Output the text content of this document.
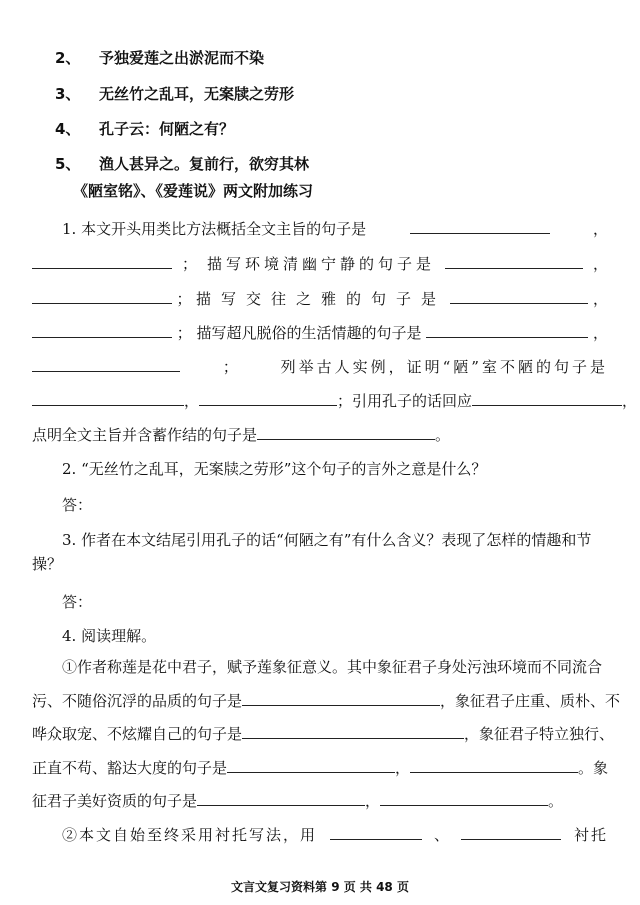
2、 予独爱莲之出淤泥而不染
3、 无丝竹之乱耳，无案牍之劳形
4、 孔子云：何陋之有？
5、 渔人甚异之。复前行，欲穷其林
《陋室铭》、《爱莲说》两文附加练习
1. 本文开头用类比方法概括全文主旨的句子是	，
； 描写环境清幽宁静的句子是	，
； 描写交往之雅的句子是	，
； 描写超凡脱俗的生活情趣的句子是	，
；	列举古人实例，证明“陋”室不陋的句子是
，	；引用孔子的话回应	，
点明全文主旨并含蓄作结的句子是	。
2. “无丝竹之乱耳，无案牍之劳形”这个句子的言外之意是什么？
答：
3. 作者在本文结尾引用孔子的话“何陋之有”有什么含义？表现了怎样的情趣和节
操？
答：
4. 阅读理解。
①作者称莲是花中君子，赋予莲象征意义。其中象征君子身处污浊环境而不同流合
污、不随俗沉浮的品质的句子是	，象征君子庄重、质朴、不
哗众取宠、不炫耀自己的句子是	，象征君子特立独行、
正直不苟、豁达大度的句子是	，	。象
征君子美好资质的句子是	，	。
②本文自始至终采用衬托写法，用	、	衬托
文言文复习资料第 9 页 共 48 页
